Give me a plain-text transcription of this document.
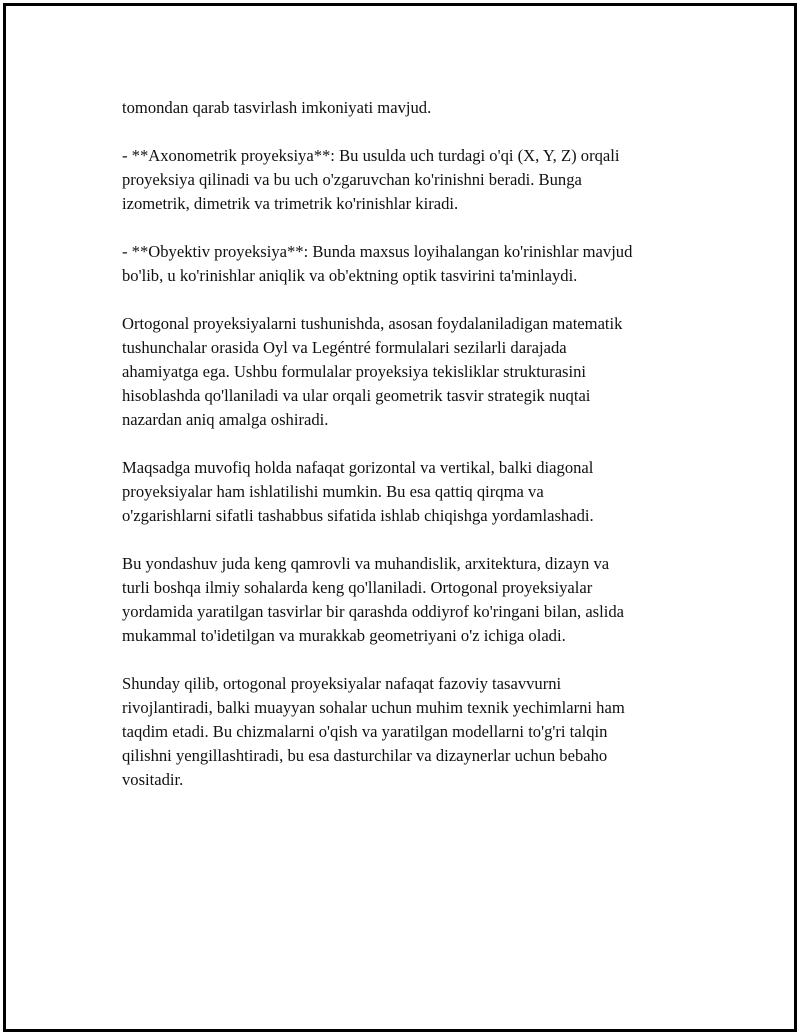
tomondan qarab tasvirlash imkoniyati mavjud.

- **Axonometrik proyeksiya**: Bu usulda uch turdagi o'qi (X, Y, Z) orqali
proyeksiya qilinadi va bu uch o'zgaruvchan ko'rinishni beradi. Bunga
izometrik, dimetrik va trimetrik ko'rinishlar kiradi.

- **Obyektiv proyeksiya**: Bunda maxsus loyihalangan ko'rinishlar mavjud
bo'lib, u ko'rinishlar aniqlik va ob'ektning optik tasvirini ta'minlaydi.

Ortogonal proyeksiyalarni tushunishda, asosan foydalaniladigan matematik
tushunchalar orasida Oyl va Legéntré formulalari sezilarli darajada
ahamiyatga ega. Ushbu formulalar proyeksiya tekisliklar strukturasini
hisoblashda qo'llaniladi va ular orqali geometrik tasvir strategik nuqtai
nazardan aniq amalga oshiradi.

Maqsadga muvofiq holda nafaqat gorizontal va vertikal, balki diagonal
proyeksiyalar ham ishlatilishi mumkin. Bu esa qattiq qirqma va
o'zgarishlarni sifatli tashabbus sifatida ishlab chiqishga yordamlashadi.

Bu yondashuv juda keng qamrovli va muhandislik, arxitektura, dizayn va
turli boshqa ilmiy sohalarda keng qo'llaniladi. Ortogonal proyeksiyalar
yordamida yaratilgan tasvirlar bir qarashda oddiyrof ko'ringani bilan, aslida
mukammal to'idetilgan va murakkab geometriyani o'z ichiga oladi.

Shunday qilib, ortogonal proyeksiyalar nafaqat fazoviy tasavvurni
rivojlantiradi, balki muayyan sohalar uchun muhim texnik yechimlarni ham
taqdim etadi. Bu chizmalarni o'qish va yaratilgan modellarni to'g'ri talqin
qilishni yengillashtiradi, bu esa dasturchilar va dizaynerlar uchun bebaho
vositadir.
